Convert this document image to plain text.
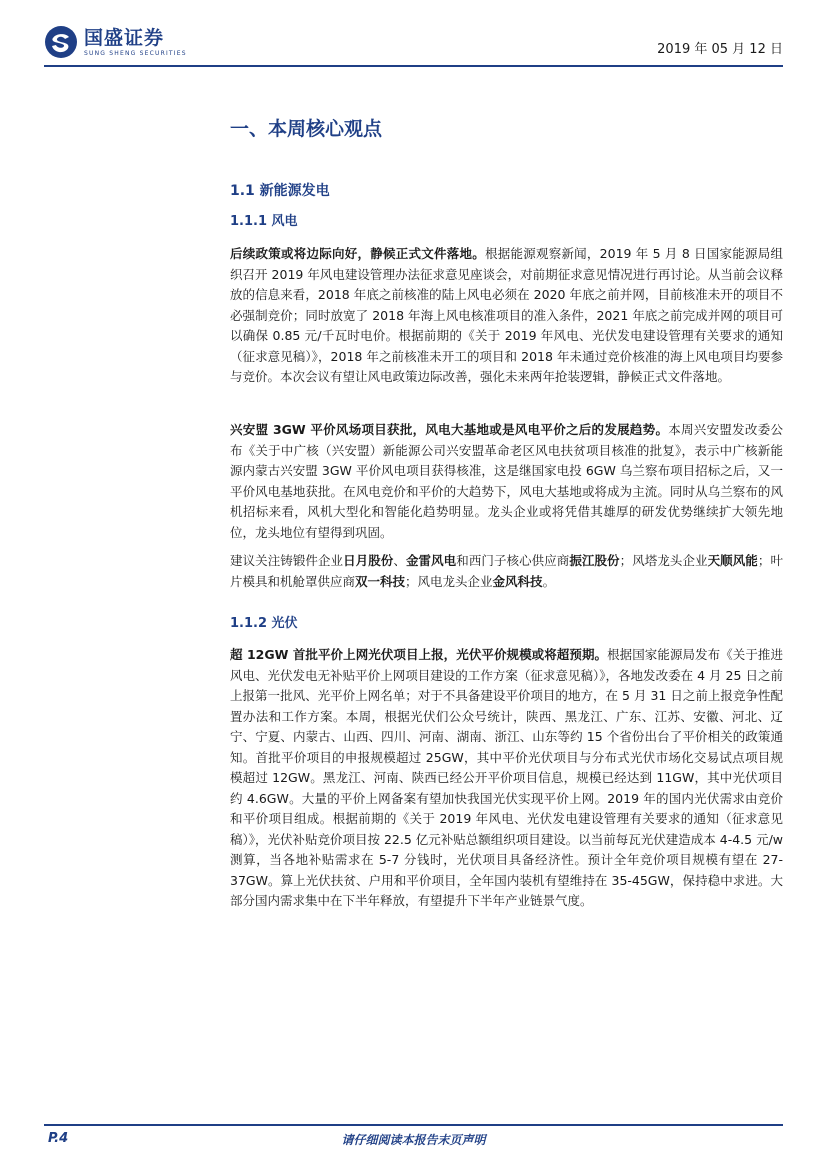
国盛证券
SUNG SHENG SECURITIES	2019 年 05 月 12 日
一、本周核心观点
1.1 新能源发电
1.1.1 风电

后续政策或将边际向好，静候正式文件落地。根据能源观察新闻，2019 年 5 月 8 日国家能源局组织召开 2019 年风电建设管理办法征求意见座谈会，对前期征求意见情况进行再讨论。从当前会议释放的信息来看，2018 年底之前核准的陆上风电必须在 2020 年底之前并网，目前核准未开的项目不必强制竞价；同时放宽了 2018 年海上风电核准项目的准入条件，2021 年底之前完成并网的项目可以确保 0.85 元/千瓦时电价。根据前期的《关于 2019 年风电、光伏发电建设管理有关要求的通知（征求意见稿）》，2018 年之前核准未开工的项目和 2018 年未通过竞价核准的海上风电项目均要参与竞价。本次会议有望让风电政策边际改善，强化未来两年抢装逻辑，静候正式文件落地。

兴安盟 3GW 平价风场项目获批，风电大基地或是风电平价之后的发展趋势。本周兴安盟发改委公布《关于中广核（兴安盟）新能源公司兴安盟革命老区风电扶贫项目核准的批复》，表示中广核新能源内蒙古兴安盟 3GW 平价风电项目获得核准，这是继国家电投 6GW 乌兰察布项目招标之后，又一平价风电基地获批。在风电竞价和平价的大趋势下，风电大基地或将成为主流。同时从乌兰察布的风机招标来看，风机大型化和智能化趋势明显。龙头企业或将凭借其雄厚的研发优势继续扩大领先地位，龙头地位有望得到巩固。

建议关注铸锻件企业日月股份、金雷风电和西门子核心供应商振江股份；风塔龙头企业天顺风能；叶片模具和机舱罩供应商双一科技；风电龙头企业金风科技。

1.1.2 光伏

超 12GW 首批平价上网光伏项目上报，光伏平价规模或将超预期。根据国家能源局发布《关于推进风电、光伏发电无补贴平价上网项目建设的工作方案（征求意见稿）》，各地发改委在 4 月 25 日之前上报第一批风、光平价上网名单；对于不具备建设平价项目的地方，在 5 月 31 日之前上报竞争性配置办法和工作方案。本周，根据光伏们公众号统计，陕西、黑龙江、广东、江苏、安徽、河北、辽宁、宁夏、内蒙古、山西、四川、河南、湖南、浙江、山东等约 15 个省份出台了平价相关的政策通知。首批平价项目的申报规模超过 25GW，其中平价光伏项目与分布式光伏市场化交易试点项目规模超过 12GW。黑龙江、河南、陕西已经公开平价项目信息，规模已经达到 11GW，其中光伏项目约 4.6GW。大量的平价上网备案有望加快我国光伏实现平价上网。2019 年的国内光伏需求由竞价和平价项目组成。根据前期的《关于 2019 年风电、光伏发电建设管理有关要求的通知（征求意见稿）》，光伏补贴竞价项目按 22.5 亿元补贴总额组织项目建设。以当前每瓦光伏建造成本 4-4.5 元/w 测算，当各地补贴需求在 5-7 分钱时，光伏项目具备经济性。预计全年竞价项目规模有望在 27-37GW。算上光伏扶贫、户用和平价项目，全年国内装机有望维持在 35-45GW，保持稳中求进。大部分国内需求集中在下半年释放，有望提升下半年产业链景气度。

P.4	请仔细阅读本报告末页声明
